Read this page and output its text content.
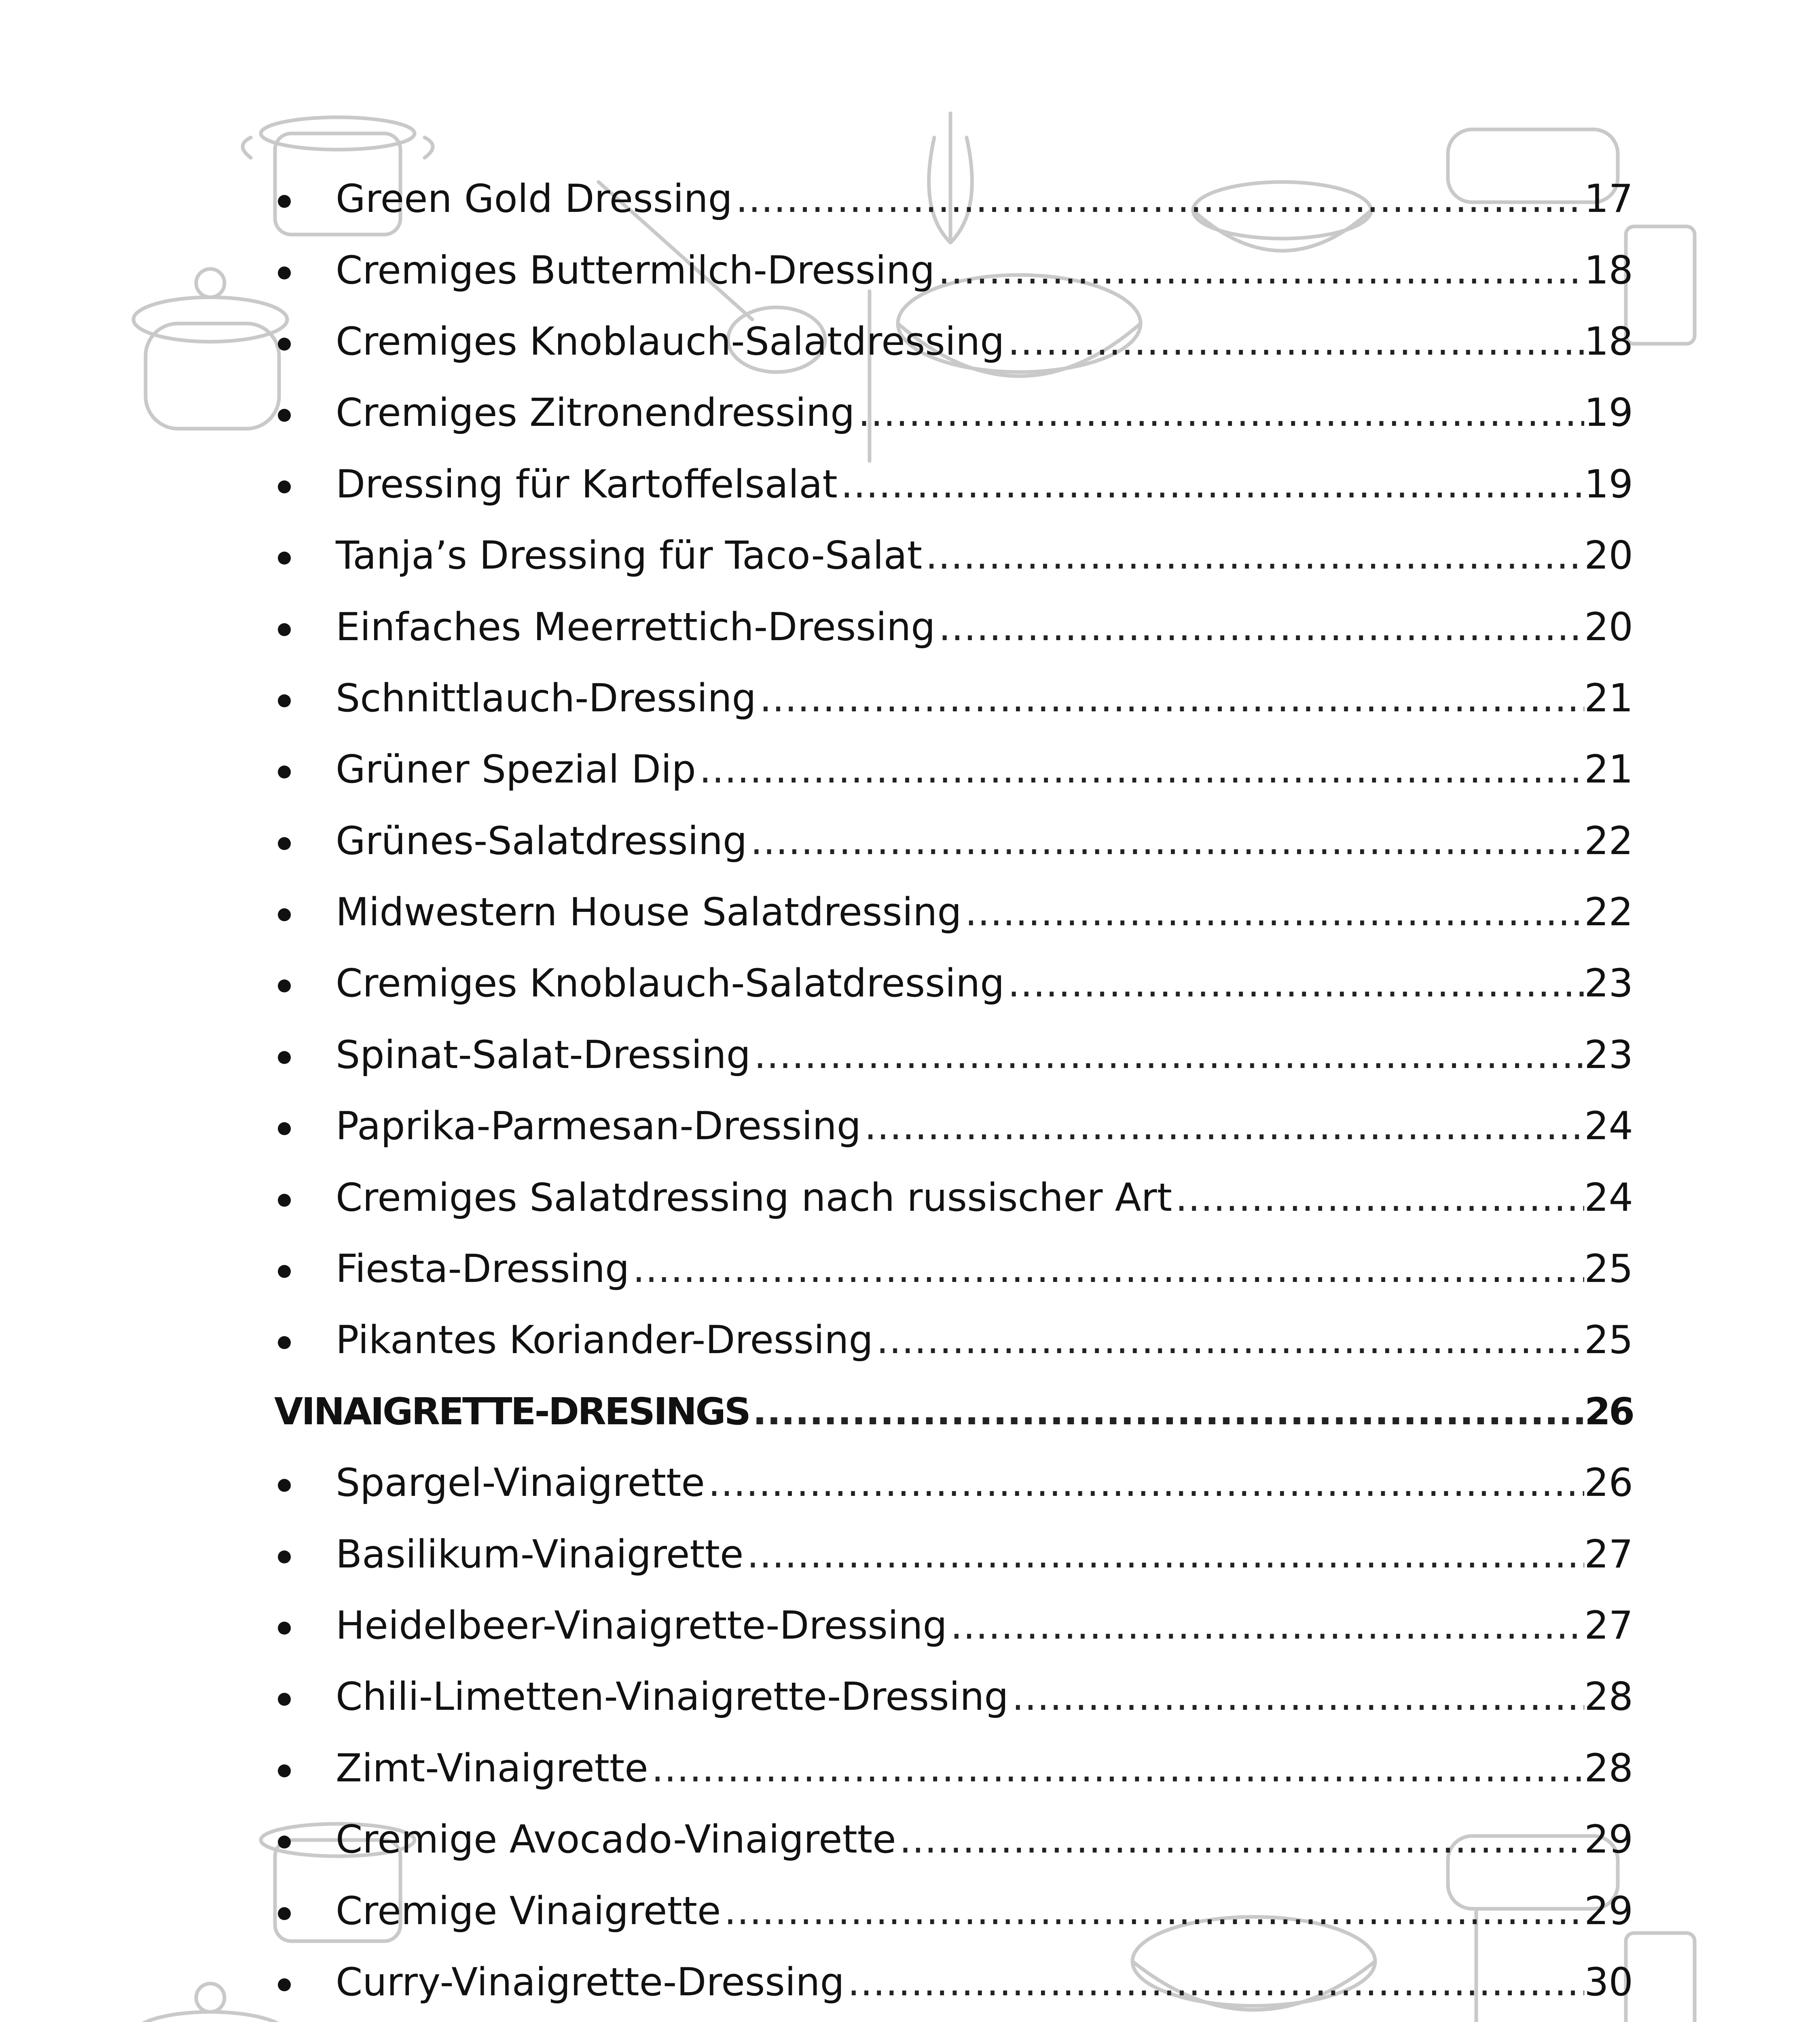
Green Gold Dressing .....	17
Cremiges Buttermilch-Dressing .....	18
Cremiges Knoblauch-Salatdressing .....	18
Cremiges Zitronendressing .....	19
Dressing für Kartoffelsalat .....	19
Tanja’s Dressing für Taco-Salat .....	20
Einfaches Meerrettich-Dressing .....	20
Schnittlauch-Dressing .....	21
Grüner Spezial Dip .....	21
Grünes-Salatdressing .....	22
Midwestern House Salatdressing .....	22
Cremiges Knoblauch-Salatdressing .....	23
Spinat-Salat-Dressing .....	23
Paprika-Parmesan-Dressing .....	24
Cremiges Salatdressing nach russischer Art .....	24
Fiesta-Dressing .....	25
Pikantes Koriander-Dressing .....	25
VINAIGRETTE-DRESINGS .....	26
Spargel-Vinaigrette .....	26
Basilikum-Vinaigrette .....	27
Heidelbeer-Vinaigrette-Dressing .....	27
Chili-Limetten-Vinaigrette-Dressing .....	28
Zimt-Vinaigrette .....	28
Cremige Avocado-Vinaigrette .....	29
Cremige Vinaigrette .....	29
Curry-Vinaigrette-Dressing .....	30
